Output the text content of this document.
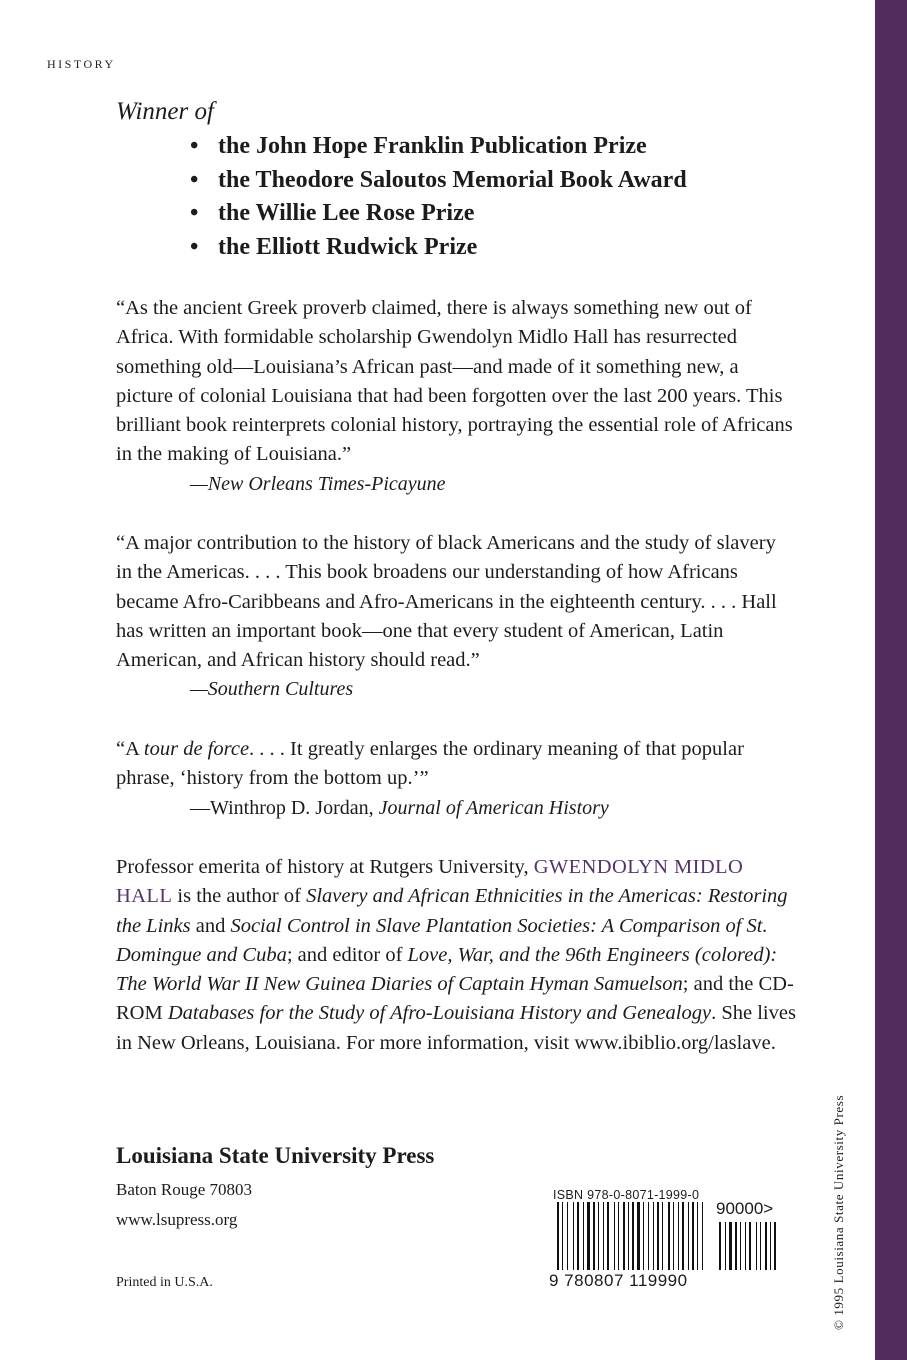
HISTORY
Winner of
• the John Hope Franklin Publication Prize
• the Theodore Saloutos Memorial Book Award
• the Willie Lee Rose Prize
• the Elliott Rudwick Prize

“As the ancient Greek proverb claimed, there is always something new out of Africa. With formidable scholarship Gwendolyn Midlo Hall has resurrected something old—Louisiana’s African past—and made of it something new, a picture of colonial Louisiana that had been forgotten over the last 200 years. This brilliant book reinterprets colonial history, portraying the essential role of Africans in the making of Louisiana.”
—New Orleans Times-Picayune

“A major contribution to the history of black Americans and the study of slavery in the Americas. . . . This book broadens our understanding of how Africans became Afro-Caribbeans and Afro-Americans in the eighteenth century. . . . Hall has written an important book—one that every student of American, Latin American, and African history should read.”
—Southern Cultures

“A tour de force. . . . It greatly enlarges the ordinary meaning of that popular phrase, ‘history from the bottom up.’”
—Winthrop D. Jordan, Journal of American History

Professor emerita of history at Rutgers University, GWENDOLYN MIDLO HALL is the author of Slavery and African Ethnicities in the Americas: Restoring the Links and Social Control in Slave Plantation Societies: A Comparison of St. Domingue and Cuba; and editor of Love, War, and the 96th Engineers (colored): The World War II New Guinea Diaries of Captain Hyman Samuelson; and the CD-ROM Databases for the Study of Afro-Louisiana History and Genealogy. She lives in New Orleans, Louisiana. For more information, visit www.ibiblio.org/laslave.

Louisiana State University Press
Baton Rouge 70803
www.lsupress.org
Printed in U.S.A.
ISBN 978-0-8071-1999-0
90000>
9 780807 119990	© 1995 Louisiana State University Press
